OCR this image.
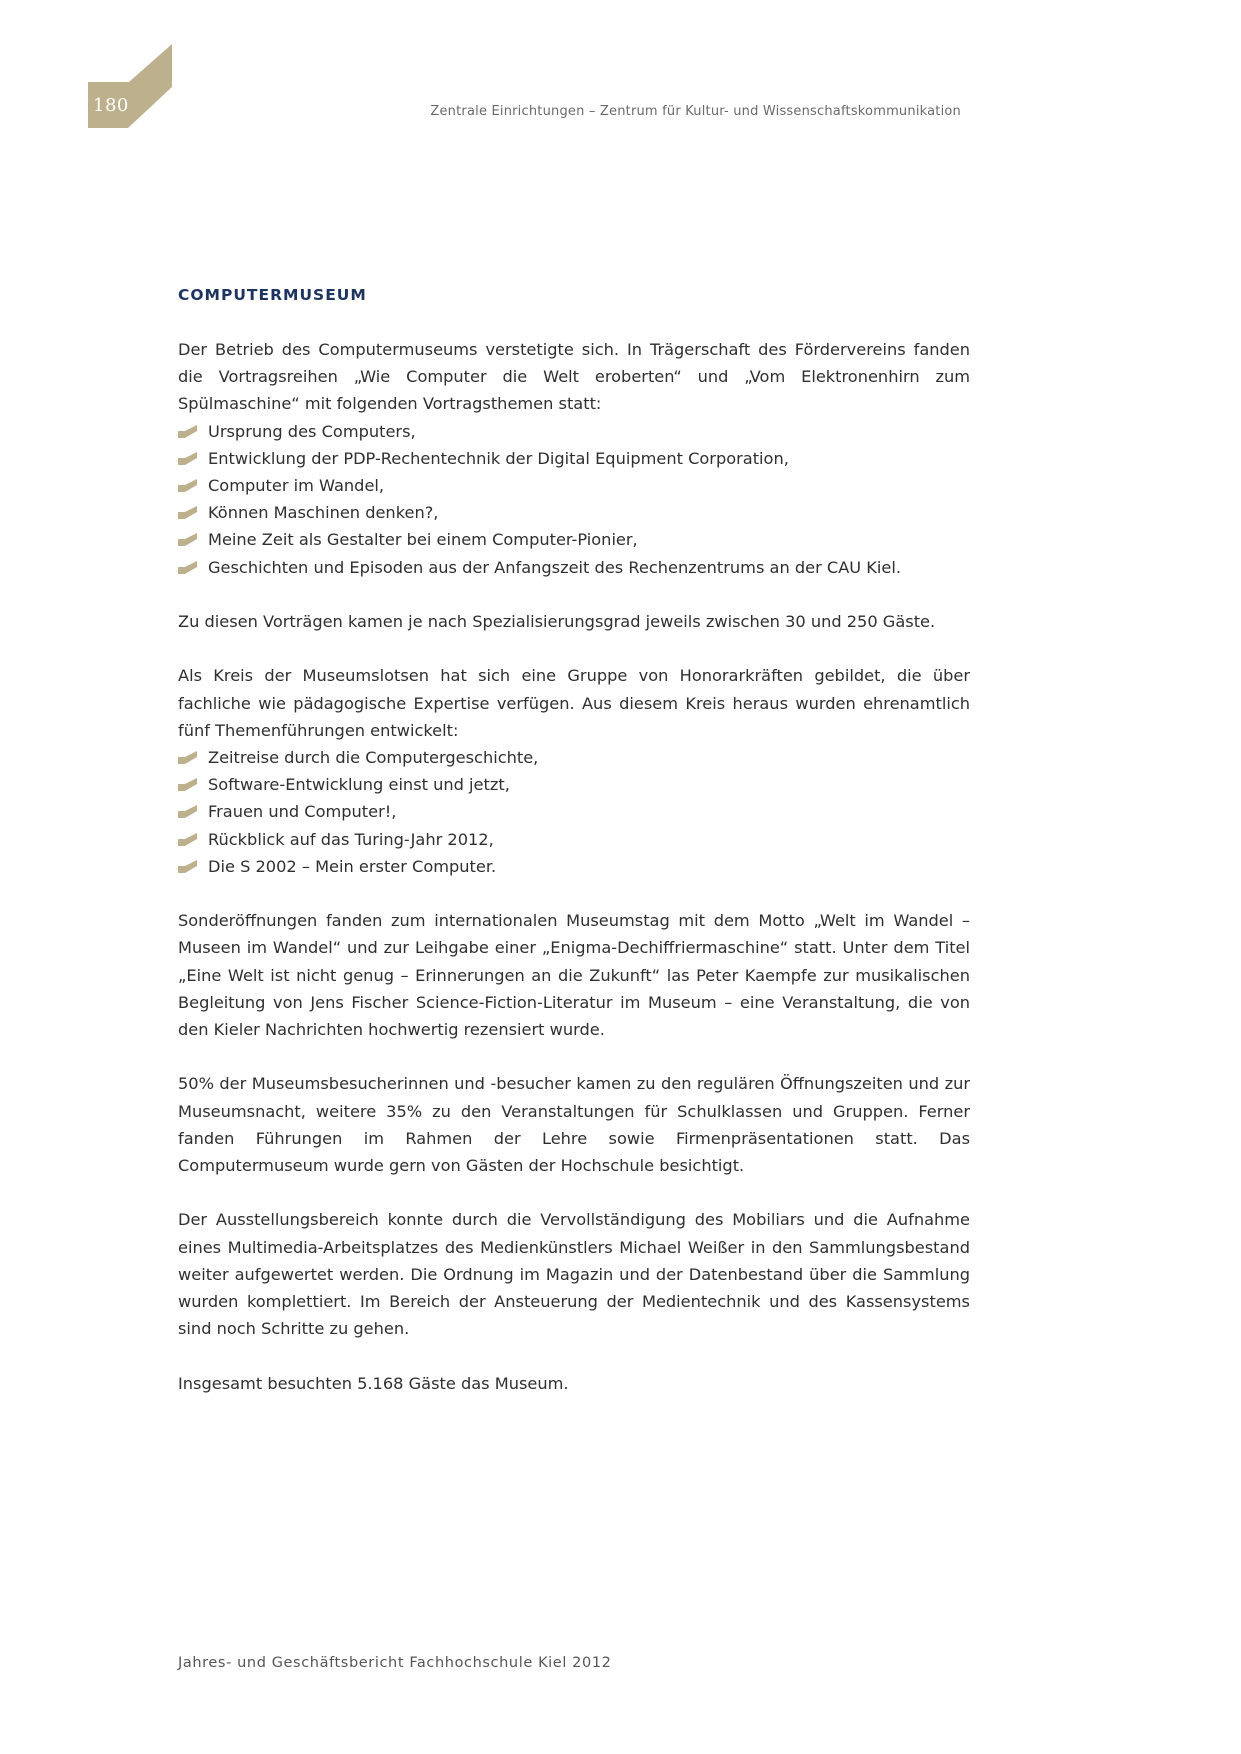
180	Zentrale Einrichtungen – Zentrum für Kultur- und Wissenschaftskommunikation
COMPUTERMUSEUM

Der Betrieb des Computermuseums verstetigte sich. In Trägerschaft des Fördervereins fanden die Vortragsreihen „Wie Computer die Welt eroberten“ und „Vom Elektronenhirn zum Spülmaschine“ mit folgenden Vortragsthemen statt:

Ursprung des Computers,
Entwicklung der PDP-Rechentechnik der Digital Equipment Corporation,
Computer im Wandel,
Können Maschinen denken?,
Meine Zeit als Gestalter bei einem Computer-Pionier,
Geschichten und Episoden aus der Anfangszeit des Rechenzentrums an der CAU Kiel.

Zu diesen Vorträgen kamen je nach Spezialisierungsgrad jeweils zwischen 30 und 250 Gäste.

Als Kreis der Museumslotsen hat sich eine Gruppe von Honorarkräften gebildet, die über fachliche wie pädagogische Expertise verfügen. Aus diesem Kreis heraus wurden ehrenamtlich fünf Themenführungen entwickelt:

Zeitreise durch die Computergeschichte,
Software-Entwicklung einst und jetzt,
Frauen und Computer!,
Rückblick auf das Turing-Jahr 2012,
Die S 2002 – Mein erster Computer.

Sonderöffnungen fanden zum internationalen Museumstag mit dem Motto „Welt im Wandel – Museen im Wandel“ und zur Leihgabe einer „Enigma-Dechiffriermaschine“ statt. Unter dem Titel „Eine Welt ist nicht genug – Erinnerungen an die Zukunft“ las Peter Kaempfe zur musikalischen Begleitung von Jens Fischer Science-Fiction-Literatur im Museum – eine Veranstaltung, die von den Kieler Nachrichten hochwertig rezensiert wurde.

50% der Museumsbesucherinnen und -besucher kamen zu den regulären Öffnungszeiten und zur Museumsnacht, weitere 35% zu den Veranstaltungen für Schulklassen und Gruppen. Ferner fanden Führungen im Rahmen der Lehre sowie Firmenpräsentationen statt. Das Computermuseum wurde gern von Gästen der Hochschule besichtigt.

Der Ausstellungsbereich konnte durch die Vervollständigung des Mobiliars und die Aufnahme eines Multimedia-Arbeitsplatzes des Medienkünstlers Michael Weißer in den Sammlungsbestand weiter aufgewertet werden. Die Ordnung im Magazin und der Datenbestand über die Sammlung wurden komplettiert. Im Bereich der Ansteuerung der Medientechnik und des Kassensystems sind noch Schritte zu gehen.

Insgesamt besuchten 5.168 Gäste das Museum.

Jahres- und Geschäftsbericht Fachhochschule Kiel 2012
